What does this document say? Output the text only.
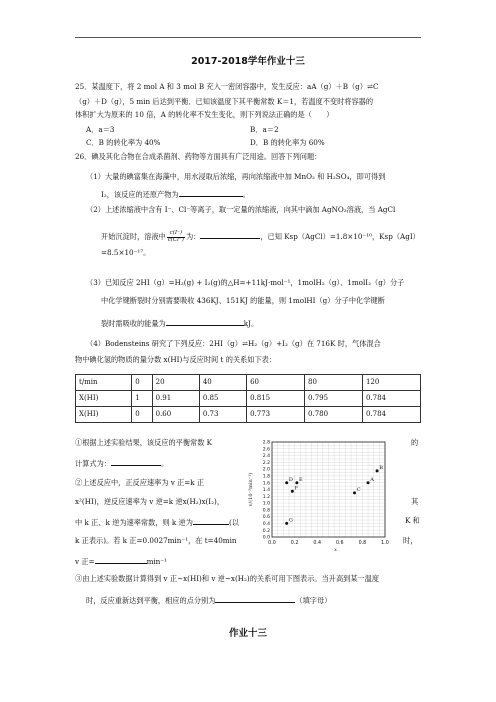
2017-2018学年作业十三
25．某温度下，将 2 mol A 和 3 mol B 充入一密闭容器中，发生反应：aA（g）＋B（g）⇌C
（g）＋D（g），5 min 后达到平衡．已知该温度下其平衡常数 K＝1，若温度不变时将容器的
体积扩大为原来的 10 倍，A 的转化率不发生变化，则下列说法正确的是（　　）
A．a＝3	B．a＝2
C．B 的转化率为 40%	D．B 的转化率为 60%
26．碘及其化合物在合成杀菌剂、药物等方面具有广泛用途。回答下列问题：
（1）大量的碘富集在海藻中，用水浸取后浓缩，再向浓缩液中加 MnO₂ 和 H₂SO₄，即可得到
I₂，该反应的还原产物为	。
（2）上述浓缩液中含有 I⁻、Cl⁻等离子，取一定量的浓缩液，向其中滴加 AgNO₃溶液，当 AgCl
开始沉淀时，溶液中 $\frac{c(I^-)}{c(Cl^-)}$ 为：	，已知 Ksp（AgCl）=1.8×10⁻¹⁰，Ksp（AgI）
=8.5×10⁻¹⁷。
（3）已知反应 2HI（g）=H₂(g) + I₂(g)的△H=+11kJ·mol⁻¹，1molH₂（g）、1molI₂（g）分子
中化学键断裂时分别需要吸收 436KJ、151KJ 的能量，则 1molHI（g）分子中化学键断
裂时需吸收的能量为	kJ。
（4）Bodensteins 研究了下列反应：2HI（g）⇌H₂（g）+I₂（g）在 716K 时，气体混合
物中碘化氢的物质的量分数 x(HI)与反应时间 t 的关系如下表：
t/min	0	20	40	60	80	120
X(HI)	1	0.91	0.85	0.815	0.795	0.784
X(HI)	0	0.60	0.73	0.773	0.780	0.784
①根据上述实验结果，该反应的平衡常数 K	的
计算式为：	。
②上述反应中，正反应速率为 v 正=k 正
x²(HI)，逆反应速率为 v 逆=k 逆x(H₂)x(I₂)，	其
中 k 正、k 逆为速率常数，则 k 逆为	(以	K 和
k 正表示)。若 k 正=0.0027min⁻¹，在 t=40min	时，
v 正=	min⁻¹
③由上述实验数据计算得到 v 正~x(HI)和 v 逆~x(H₂)的关系可用下图表示。当升高到某一温度
时，反应重新达到平衡，相应的点分别为	（填字母）
0.0
0.2
0.4
0.6
0.8
1.0
1.2
1.4
1.6
1.8
2.0
2.2
2.4
2.6
2.8
0.0	0.2	0.4	0.6	0.8	1.0
A
B
C
D E
F
G
v/(10⁻³min⁻¹)
x
作业十三
